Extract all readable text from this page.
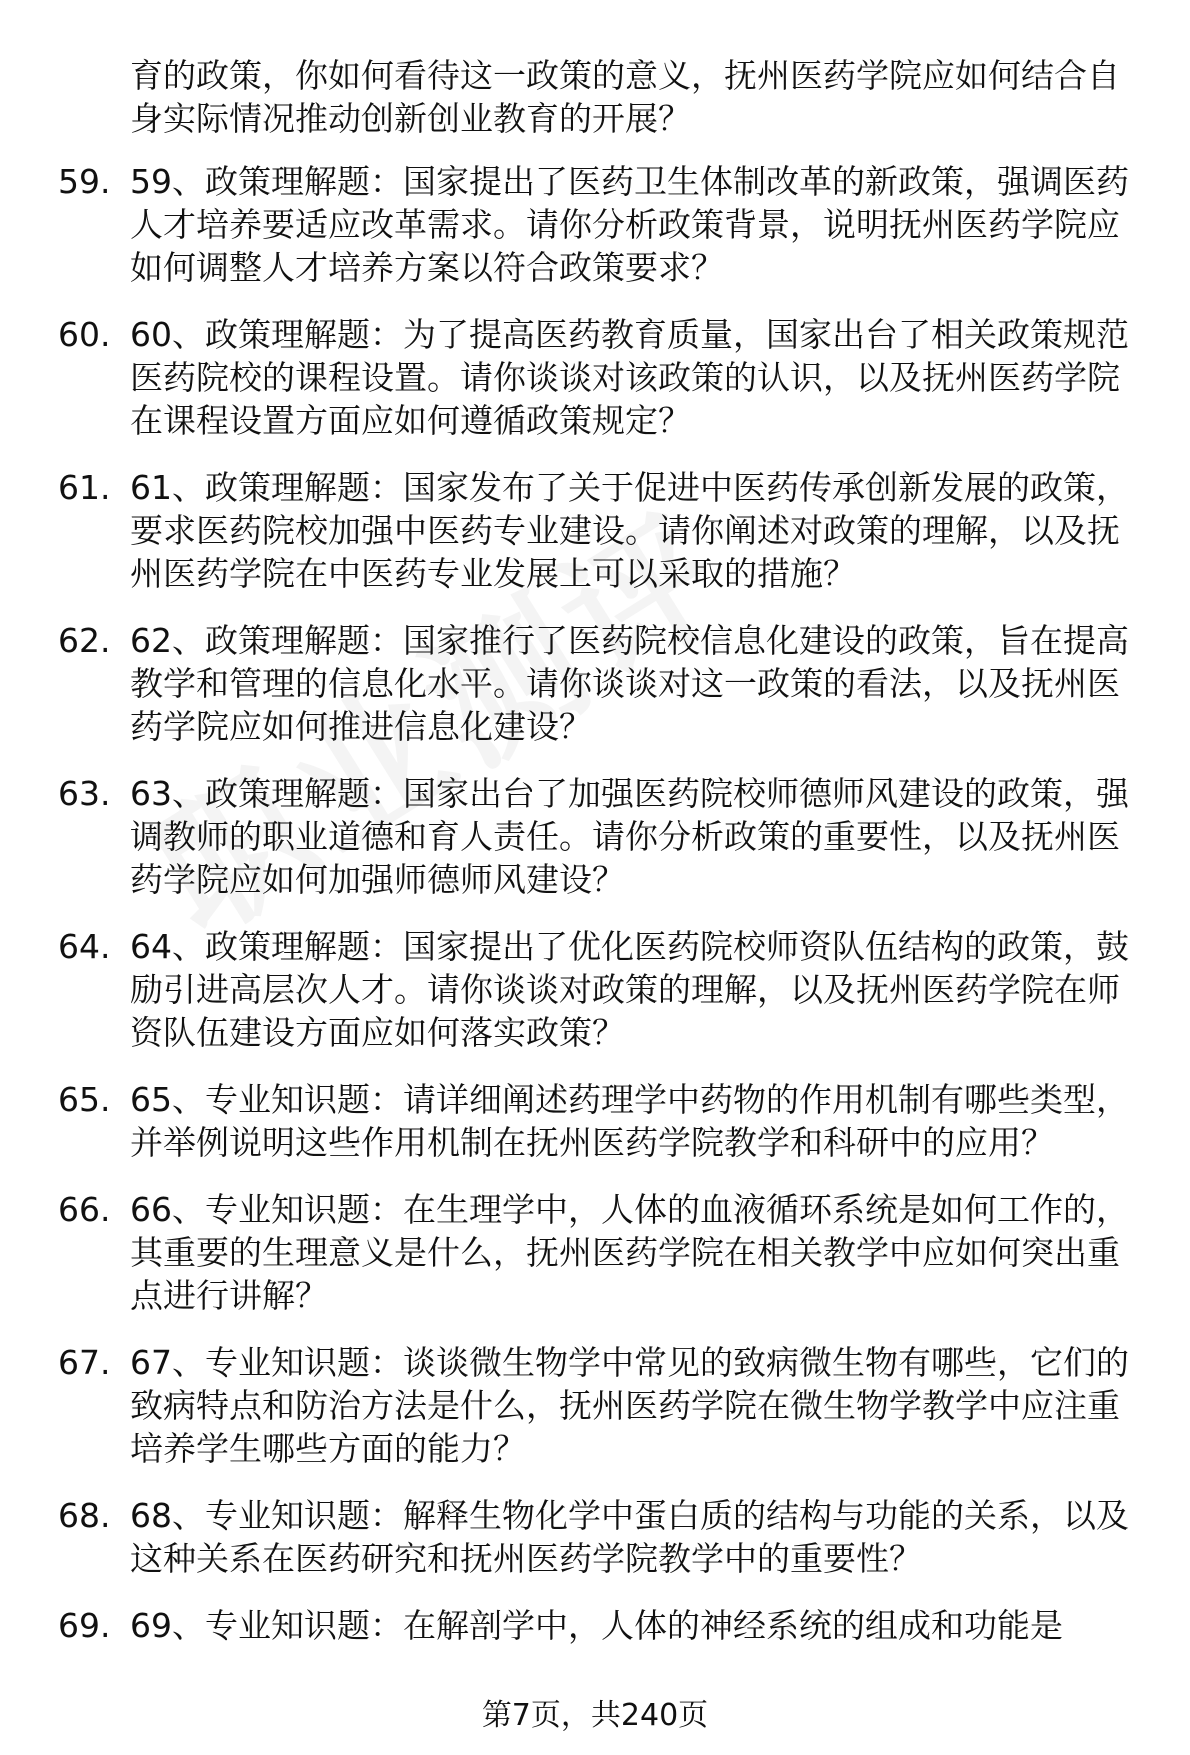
育的政策，你如何看待这一政策的意义，抚州医药学院应如何结合自身实际情况推动创新创业教育的开展？
59. 59、政策理解题：国家提出了医药卫生体制改革的新政策，强调医药人才培养要适应改革需求。请你分析政策背景，说明抚州医药学院应如何调整人才培养方案以符合政策要求？
60. 60、政策理解题：为了提高医药教育质量，国家出台了相关政策规范医药院校的课程设置。请你谈谈对该政策的认识，以及抚州医药学院在课程设置方面应如何遵循政策规定？
61. 61、政策理解题：国家发布了关于促进中医药传承创新发展的政策，要求医药院校加强中医药专业建设。请你阐述对政策的理解，以及抚州医药学院在中医药专业发展上可以采取的措施？
62. 62、政策理解题：国家推行了医药院校信息化建设的政策，旨在提高教学和管理的信息化水平。请你谈谈对这一政策的看法，以及抚州医药学院应如何推进信息化建设？
63. 63、政策理解题：国家出台了加强医药院校师德师风建设的政策，强调教师的职业道德和育人责任。请你分析政策的重要性，以及抚州医药学院应如何加强师德师风建设？
64. 64、政策理解题：国家提出了优化医药院校师资队伍结构的政策，鼓励引进高层次人才。请你谈谈对政策的理解，以及抚州医药学院在师资队伍建设方面应如何落实政策？
65. 65、专业知识题：请详细阐述药理学中药物的作用机制有哪些类型，并举例说明这些作用机制在抚州医药学院教学和科研中的应用？
66. 66、专业知识题：在生理学中，人体的血液循环系统是如何工作的，其重要的生理意义是什么，抚州医药学院在相关教学中应如何突出重点进行讲解？
67. 67、专业知识题：谈谈微生物学中常见的致病微生物有哪些，它们的致病特点和防治方法是什么，抚州医药学院在微生物学教学中应注重培养学生哪些方面的能力？
68. 68、专业知识题：解释生物化学中蛋白质的结构与功能的关系，以及这种关系在医药研究和抚州医药学院教学中的重要性？
69. 69、专业知识题：在解剖学中，人体的神经系统的组成和功能是
第7页，共240页
